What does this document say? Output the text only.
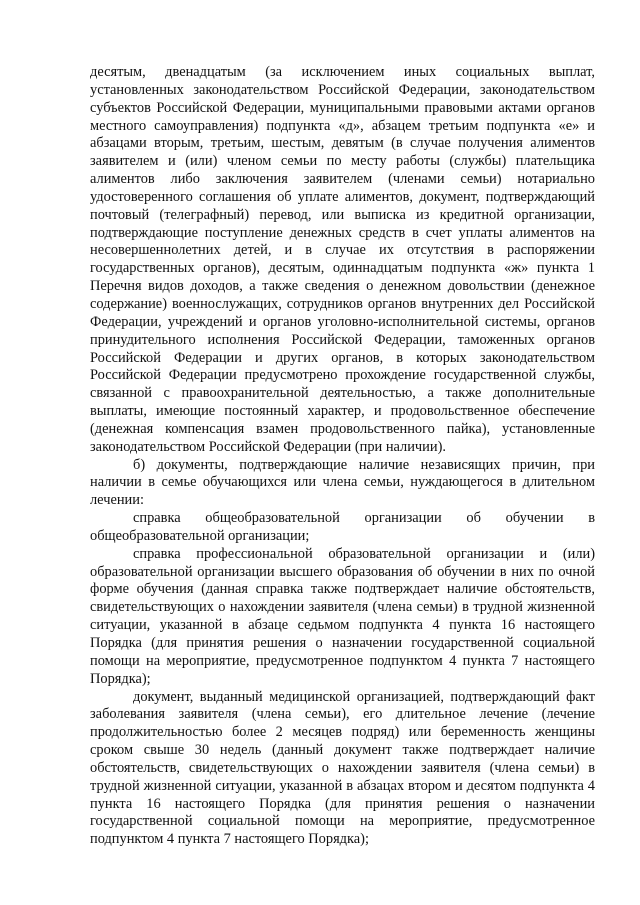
десятым, двенадцатым (за исключением иных социальных выплат, установленных законодательством Российской Федерации, законодательством субъектов Российской Федерации, муниципальными правовыми актами органов местного самоуправления) подпункта «д», абзацем третьим подпункта «е» и абзацами вторым, третьим, шестым, девятым (в случае получения алиментов заявителем и (или) членом семьи по месту работы (службы) плательщика алиментов либо заключения заявителем (членами семьи) нотариально удостоверенного соглашения об уплате алиментов, документ, подтверждающий почтовый (телеграфный) перевод, или выписка из кредитной организации, подтверждающие поступление денежных средств в счет уплаты алиментов на несовершеннолетних детей, и в случае их отсутствия в распоряжении государственных органов), десятым, одиннадцатым подпункта «ж» пункта 1 Перечня видов доходов, а также сведения о денежном довольствии (денежное содержание) военнослужащих, сотрудников органов внутренних дел Российской Федерации, учреждений и органов уголовно-исполнительной системы, органов принудительного исполнения Российской Федерации, таможенных органов Российской Федерации и других органов, в которых законодательством Российской Федерации предусмотрено прохождение государственной службы, связанной с правоохранительной деятельностью, а также дополнительные выплаты, имеющие постоянный характер, и продовольственное обеспечение (денежная компенсация взамен продовольственного пайка), установленные законодательством Российской Федерации (при наличии).

б) документы, подтверждающие наличие независящих причин, при наличии в семье обучающихся или члена семьи, нуждающегося в длительном лечении:

справка общеобразовательной организации об обучении в общеобразовательной организации;

справка профессиональной образовательной организации и (или) образовательной организации высшего образования об обучении в них по очной форме обучения (данная справка также подтверждает наличие обстоятельств, свидетельствующих о нахождении заявителя (члена семьи) в трудной жизненной ситуации, указанной в абзаце седьмом подпункта 4 пункта 16 настоящего Порядка (для принятия решения о назначении государственной социальной помощи на мероприятие, предусмотренное подпунктом 4 пункта 7 настоящего Порядка);

документ, выданный медицинской организацией, подтверждающий факт заболевания заявителя (члена семьи), его длительное лечение (лечение продолжительностью более 2 месяцев подряд) или беременность женщины сроком свыше 30 недель (данный документ также подтверждает наличие обстоятельств, свидетельствующих о нахождении заявителя (члена семьи) в трудной жизненной ситуации, указанной в абзацах втором и десятом подпункта 4 пункта 16 настоящего Порядка (для принятия решения о назначении государственной социальной помощи на мероприятие, предусмотренное подпунктом 4 пункта 7 настоящего Порядка);
